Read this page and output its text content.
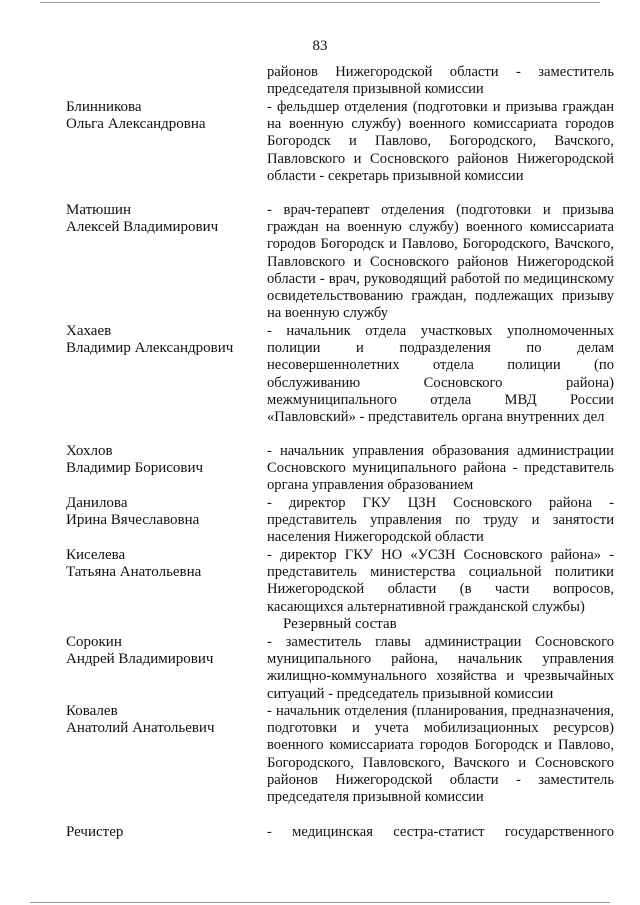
83
районов Нижегородской области - заместитель председателя призывной комиссии
Блинникова
Ольга Александровна
- фельдшер отделения (подготовки и призыва граждан на военную службу) военного комиссариата городов Богородск и Павлово, Богородского, Вачского, Павловского и Сосновского районов Нижегородской области - секретарь призывной комиссии
Матюшин
Алексей Владимирович
- врач-терапевт отделения (подготовки и призыва граждан на военную службу) военного комиссариата городов Богородск и Павлово, Богородского, Вачского, Павловского и Сосновского районов Нижегородской области - врач, руководящий работой по медицинскому освидетельствованию граждан, подлежащих призыву на военную службу
Хахаев
Владимир Александрович
- начальник отдела участковых уполномоченных полиции и подразделения по делам несовершеннолетних отдела полиции (по обслуживанию Сосновского района) межмуниципального отдела МВД России «Павловский» - представитель органа внутренних дел
Хохлов
Владимир Борисович
- начальник управления образования администрации Сосновского муниципального района - представитель органа управления образованием
Данилова
Ирина Вячеславовна
- директор ГКУ ЦЗН Сосновского района - представитель управления по труду и занятости населения Нижегородской области
Киселева
Татьяна Анатольевна
- директор ГКУ НО «УСЗН Сосновского района» - представитель министерства социальной политики Нижегородской области (в части вопросов, касающихся альтернативной гражданской службы)
Резервный состав
Сорокин
Андрей Владимирович
- заместитель главы администрации Сосновского муниципального района, начальник управления жилищно-коммунального хозяйства и чрезвычайных ситуаций - председатель призывной комиссии
Ковалев
Анатолий Анатольевич
- начальник отделения (планирования, предназначения, подготовки и учета мобилизационных ресурсов) военного комиссариата городов Богородск и Павлово, Богородского, Павловского, Вачского и Сосновского районов Нижегородской области - заместитель председателя призывной комиссии
Речистер	- медицинская сестра-статист государственного
